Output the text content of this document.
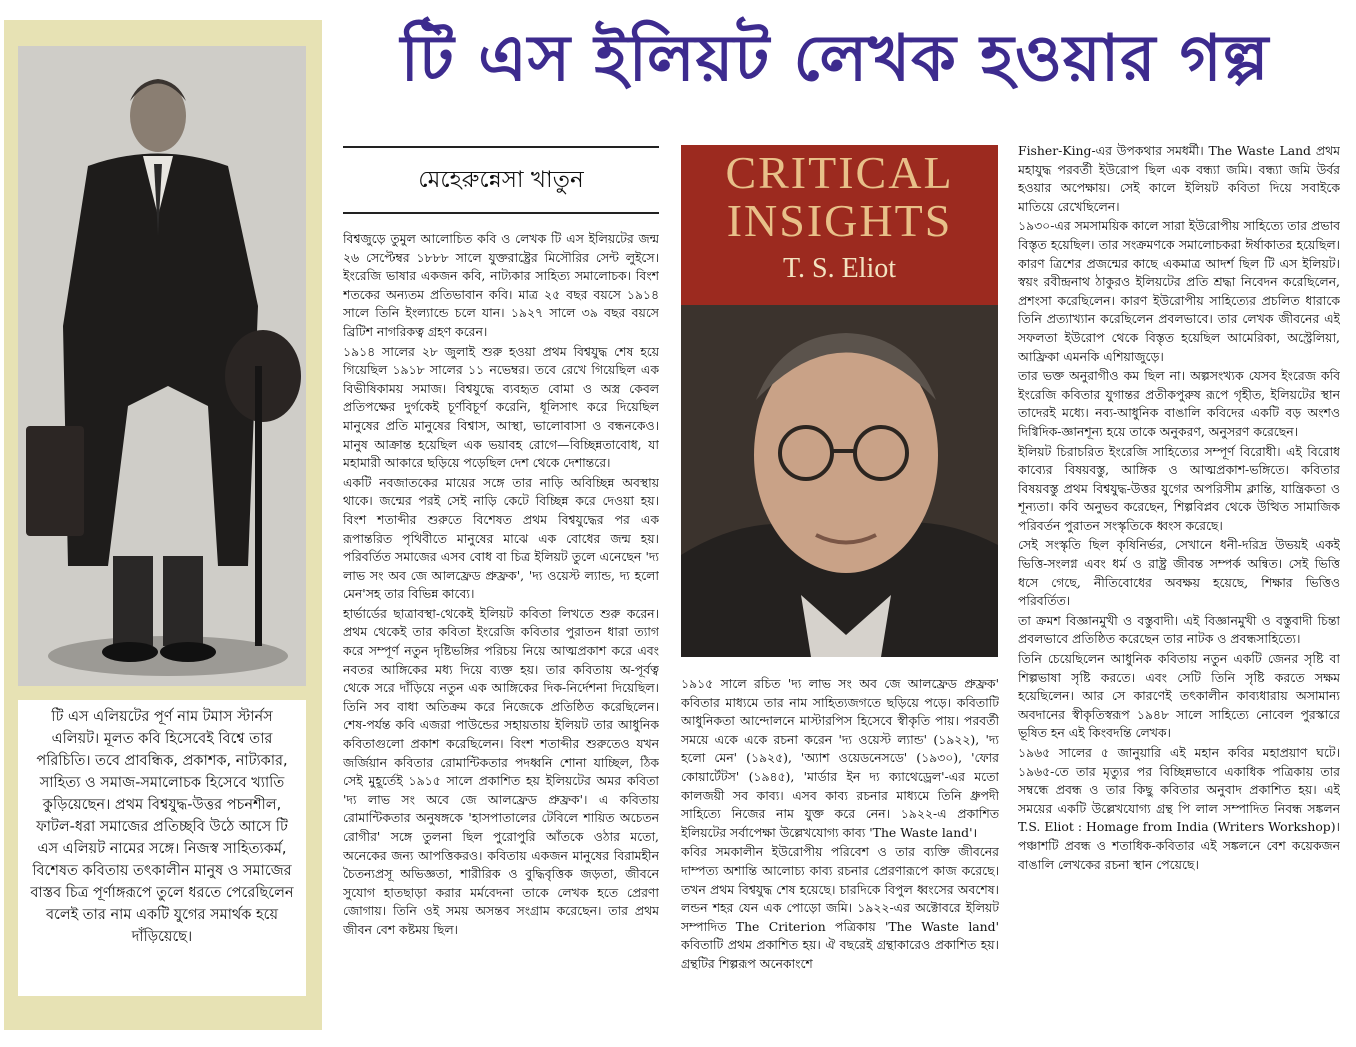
টি এস ইলিয়ট লেখক হওয়ার গল্প
টি এস এলিয়টের পূর্ণ নাম টমাস স্টার্নস এলিয়ট। মূলত কবি হিসেবেই বিশ্বে তার পরিচিতি। তবে প্রাবন্ধিক, প্রকাশক, নাট্যকার, সাহিত্য ও সমাজ-সমালোচক হিসেবে খ্যাতি কুড়িয়েছেন। প্রথম বিশ্বযুদ্ধ-উত্তর পচনশীল, ফাটল-ধরা সমাজের প্রতিচ্ছবি উঠে আসে টি এস এলিয়ট নামের সঙ্গে। নিজস্ব সাহিত্যকর্ম, বিশেষত কবিতায় তৎকালীন মানুষ ও সমাজের বাস্তব চিত্র পূর্ণাঙ্গরূপে তুলে ধরতে পেরেছিলেন বলেই তার নাম একটি যুগের সমার্থক হয়ে দাঁড়িয়েছে।
মেহেরুন্নেসা খাতুন

বিশ্বজুড়ে তুমুল আলোচিত কবি ও লেখক টি এস ইলিয়টের জন্ম ২৬ সেপ্টেম্বর ১৮৮৮ সালে যুক্তরাষ্ট্রের মিসৌরির সেন্ট লুইসে। ইংরেজি ভাষার একজন কবি, নাট্যকার সাহিত্য সমালোচক। বিংশ শতকের অন্যতম প্রতিভাবান কবি। মাত্র ২৫ বছর বয়সে ১৯১৪ সালে তিনি ইংল্যান্ডে চলে যান। ১৯২৭ সালে ৩৯ বছর বয়সে ব্রিটিশ নাগরিকত্ব গ্রহণ করেন।

১৯১৪ সালের ২৮ জুলাই শুরু হওয়া প্রথম বিশ্বযুদ্ধ শেষ হয়ে গিয়েছিল ১৯১৮ সালের ১১ নভেম্বর। তবে রেখে গিয়েছিল এক বিভীষিকাময় সমাজ। বিশ্বযুদ্ধে ব্যবহৃত বোমা ও অস্ত্র কেবল প্রতিপক্ষের দুর্গকেই চূর্ণবিচূর্ণ করেনি, ধূলিসাৎ করে দিয়েছিল মানুষের প্রতি মানুষের বিশ্বাস, আস্থা, ভালোবাসা ও বন্ধনকেও। মানুষ আক্রান্ত হয়েছিল এক ভয়াবহ রোগে—বিচ্ছিন্নতাবোধ, যা মহামারী আকারে ছড়িয়ে পড়েছিল দেশ থেকে দেশান্তরে।

একটি নবজাতকের মায়ের সঙ্গে তার নাড়ি অবিচ্ছিন্ন অবস্থায় থাকে। জন্মের পরই সেই নাড়ি কেটে বিচ্ছিন্ন করে দেওয়া হয়। বিংশ শতাব্দীর শুরুতে বিশেষত প্রথম বিশ্বযুদ্ধের পর এক রূপান্তরিত পৃথিবীতে মানুষের মাঝে এক বোধের জন্ম হয়। পরিবর্তিত সমাজের এসব বোধ বা চিত্র ইলিয়ট তুলে এনেছেন 'দ্য লাভ সং অব জে আলফ্রেড প্রুফ্রক', 'দ্য ওয়েস্ট ল্যান্ড, দ্য হলো মেন'সহ তার বিভিন্ন কাব্যে।

হার্ভার্ডের ছাত্রাবস্থা-থেকেই ইলিয়ট কবিতা লিখতে শুরু করেন। প্রথম থেকেই তার কবিতা ইংরেজি কবিতার পুরাতন ধারা ত্যাগ করে সম্পূর্ণ নতুন দৃষ্টিভঙ্গির পরিচয় নিয়ে আত্মপ্রকাশ করে এবং নবতর আঙ্গিকের মধ্য দিয়ে ব্যক্ত হয়। তার কবিতায় অ-পূর্বত্ব থেকে সরে দাঁড়িয়ে নতুন এক আঙ্গিকের দিক-নির্দেশনা দিয়েছিল। তিনি সব বাধা অতিক্রম করে নিজেকে প্রতিষ্ঠিত করেছিলেন। শেষ-পর্যন্ত কবি এজরা পাউন্ডের সহায়তায় ইলিয়ট তার আধুনিক কবিতাগুলো প্রকাশ করেছিলেন। বিংশ শতাব্দীর শুরুতেও যখন জর্জিয়ান কবিতার রোমান্টিকতার পদধ্বনি শোনা যাচ্ছিল, ঠিক সেই মুহূর্তেই ১৯১৫ সালে প্রকাশিত হয় ইলিয়টের অমর কবিতা 'দ্য লাভ সং অবে জে আলফ্রেড প্রুফ্রক'। এ কবিতায় রোমান্টিকতার অনুষঙ্গকে 'হাসপাতালের টেবিলে শায়িত অচেতন রোগীর' সঙ্গে তুলনা ছিল পুরোপুরি আঁতকে ওঠার মতো, অনেকের জন্য আপত্তিকরও। কবিতায় একজন মানুষের বিরামহীন চৈতন্যপ্রসূ অভিজ্ঞতা, শারীরিক ও বুদ্ধিবৃত্তিক জড়তা, জীবনে সুযোগ হাতছাড়া করার মর্মবেদনা তাকে লেখক হতে প্রেরণা জোগায়। তিনি ওই সময় অসন্তব সংগ্রাম করেছেন। তার প্রথম জীবন বেশ কষ্টময় ছিল।

CRITICAL
INSIGHTS
T. S. Eliot

১৯১৫ সালে রচিত 'দ্য লাভ সং অব জে আলফ্রেড প্রুফ্রক' কবিতার মাধ্যমে তার নাম সাহিত্যজগতে ছড়িয়ে পড়ে। কবিতাটি আধুনিকতা আন্দোলনে মাস্টারপিস হিসেবে স্বীকৃতি পায়। পরবর্তী সময়ে একে একে রচনা করেন 'দ্য ওয়েস্ট ল্যান্ড' (১৯২২), 'দ্য হলো মেন' (১৯২৫), 'অ্যাশ ওয়েডনেসডে' (১৯৩০), 'ফোর কোয়ার্টেটস' (১৯৪৫), 'মার্ডার ইন দ্য ক্যাথেড্রেল'-এর মতো কালজয়ী সব কাব্য। এসব কাব্য রচনার মাধ্যমে তিনি ধ্রুপদী সাহিত্যে নিজের নাম যুক্ত করে নেন। ১৯২২-এ প্রকাশিত ইলিয়টের সর্বাপেক্ষা উল্লেখযোগ্য কাব্য 'The Waste land'।

কবির সমকালীন ইউরোপীয় পরিবেশ ও তার ব্যক্তি জীবনের দাম্পত্য অশান্তি আলোচ্য কাব্য রচনার প্রেরণারূপে কাজ করেছে। তখন প্রথম বিশ্বযুদ্ধ শেষ হয়েছে। চারদিকে বিপুল ধ্বংসের অবশেষ। লন্ডন শহর যেন এক পোড়ো জমি। ১৯২২-এর অক্টোবরে ইলিয়ট সম্পাদিত The Criterion পত্রিকায় 'The Waste land' কবিতাটি প্রথম প্রকাশিত হয়। ঐ বছরেই গ্রন্থাকারেও প্রকাশিত হয়। গ্রন্থটির শিল্পরূপ অনেকাংশে

Fisher-King-এর উপকথার সমধর্মী। The Waste Land প্রথম মহাযুদ্ধ পরবর্তী ইউরোপ ছিল এক বন্ধ্যা জমি। বন্ধ্যা জমি উর্বর হওয়ার অপেক্ষায়। সেই কালে ইলিয়ট কবিতা দিয়ে সবাইকে মাতিয়ে রেখেছিলেন।

১৯৩০-এর সমসাময়িক কালে সারা ইউরোপীয় সাহিত্যে তার প্রভাব বিস্তৃত হয়েছিল। তার সংক্রমণকে সমালোচকরা ঈর্ষাকাতর হয়েছিল। কারণ ত্রিশের প্রজন্মের কাছে একমাত্র আদর্শ ছিল টি এস ইলিয়ট। স্বয়ং রবীন্দ্রনাথ ঠাকুরও ইলিয়টের প্রতি শ্রদ্ধা নিবেদন করেছিলেন, প্রশংসা করেছিলেন। কারণ ইউরোপীয় সাহিত্যের প্রচলিত ধারাকে তিনি প্রত্যাখ্যান করেছিলেন প্রবলভাবে। তার লেখক জীবনের এই সফলতা ইউরোপ থেকে বিস্তৃত হয়েছিল আমেরিকা, অস্ট্রেলিয়া, আফ্রিকা এমনকি এশিয়াজুড়ে।

তার ভক্ত অনুরাগীও কম ছিল না। অল্পসংখ্যক যেসব ইংরেজ কবি ইংরেজি কবিতার যুগান্তর প্রতীকপুরুষ রূপে গৃহীত, ইলিয়টের স্থান তাদেরই মধ্যে। নব্য-আধুনিক বাঙালি কবিদের একটি বড় অংশও দিগ্বিদিক-জ্ঞানশূন্য হয়ে তাকে অনুকরণ, অনুসরণ করেছেন।

ইলিয়ট চিরাচরিত ইংরেজি সাহিত্যের সম্পূর্ণ বিরোধী। এই বিরোধ কাব্যের বিষয়বস্তু, আঙ্গিক ও আত্মপ্রকাশ-ভঙ্গিতে। কবিতার বিষয়বস্তু প্রথম বিশ্বযুদ্ধ-উত্তর যুগের অপরিসীম ক্লান্তি, যান্ত্রিকতা ও শূন্যতা। কবি অনুভব করেছেন, শিল্পবিপ্লব থেকে উত্থিত সামাজিক পরিবর্তন পুরাতন সংস্কৃতিকে ধ্বংস করেছে।

সেই সংস্কৃতি ছিল কৃষিনির্ভর, সেখানে ধনী-দরিদ্র উভয়ই একই ভিত্তি-সংলগ্ন এবং ধর্ম ও রাষ্ট্র জীবন্ত সম্পর্ক অন্বিত। সেই ভিত্তি ধসে গেছে, নীতিবোধের অবক্ষয় হয়েছে, শিক্ষার ভিত্তিও পরিবর্তিত।

তা ক্রমশ বিজ্ঞানমুখী ও বস্তুবাদী। এই বিজ্ঞানমুখী ও বস্তুবাদী চিন্তা প্রবলভাবে প্রতিষ্ঠিত করেছেন তার নাটক ও প্রবন্ধসাহিত্যে।

তিনি চেয়েছিলেন আধুনিক কবিতায় নতুন একটি জেনর সৃষ্টি বা শিল্পভাষা সৃষ্টি করতে। এবং সেটি তিনি সৃষ্টি করতে সক্ষম হয়েছিলেন। আর সে কারণেই তৎকালীন কাব্যধারায় অসামান্য অবদানের স্বীকৃতিস্বরূপ ১৯৪৮ সালে সাহিত্যে নোবেল পুরস্কারে ভূষিত হন এই কিংবদন্তি লেখক।

১৯৬৫ সালের ৫ জানুয়ারি এই মহান কবির মহাপ্রয়াণ ঘটে। ১৯৬৫-তে তার মৃত্যুর পর বিচ্ছিন্নভাবে একাধিক পত্রিকায় তার সম্বন্ধে প্রবন্ধ ও তার কিছু কবিতার অনুবাদ প্রকাশিত হয়। এই সময়ের একটি উল্লেখযোগ্য গ্রন্থ পি লাল সম্পাদিত নিবন্ধ সঙ্কলন T.S. Eliot : Homage from India (Writers Workshop)। পঞ্চাশটি প্রবন্ধ ও শতাধিক-কবিতার এই সঙ্কলনে বেশ কয়েকজন বাঙালি লেখকের রচনা স্থান পেয়েছে।
